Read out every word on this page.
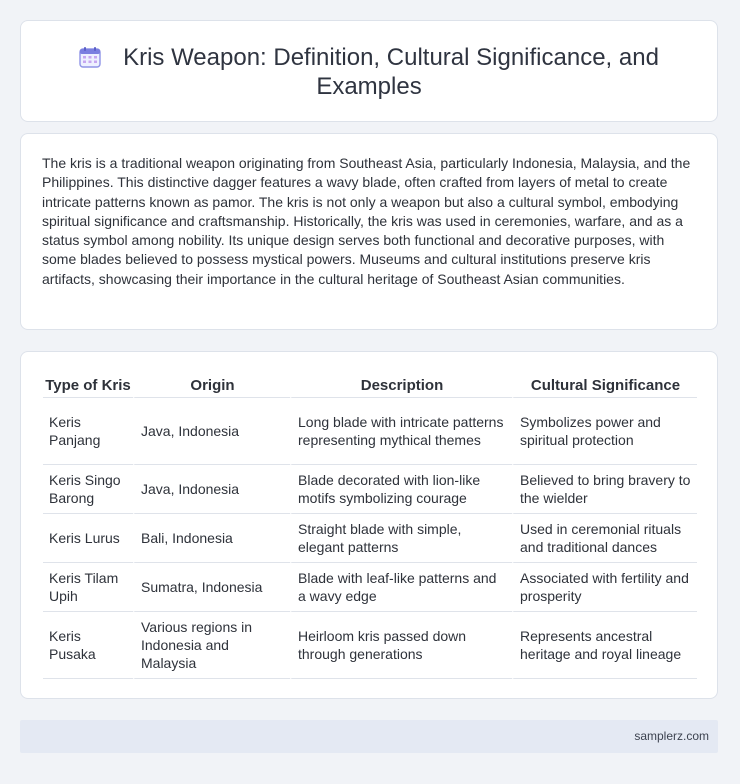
Kris Weapon: Definition, Cultural Significance, and Examples

The kris is a traditional weapon originating from Southeast Asia, particularly Indonesia, Malaysia, and the Philippines. This distinctive dagger features a wavy blade, often crafted from layers of metal to create intricate patterns known as pamor. The kris is not only a weapon but also a cultural symbol, embodying spiritual significance and craftsmanship. Historically, the kris was used in ceremonies, warfare, and as a status symbol among nobility. Its unique design serves both functional and decorative purposes, with some blades believed to possess mystical powers. Museums and cultural institutions preserve kris artifacts, showcasing their importance in the cultural heritage of Southeast Asian communities.

Type of Kris	Origin	Description	Cultural Significance
Keris Panjang	Java, Indonesia	Long blade with intricate patterns representing mythical themes	Symbolizes power and spiritual protection
Keris Singo Barong	Java, Indonesia	Blade decorated with lion-like motifs symbolizing courage	Believed to bring bravery to the wielder
Keris Lurus	Bali, Indonesia	Straight blade with simple, elegant patterns	Used in ceremonial rituals and traditional dances
Keris Tilam Upih	Sumatra, Indonesia	Blade with leaf-like patterns and a wavy edge	Associated with fertility and prosperity
Keris Pusaka	Various regions in Indonesia and Malaysia	Heirloom kris passed down through generations	Represents ancestral heritage and royal lineage
samplerz.com
